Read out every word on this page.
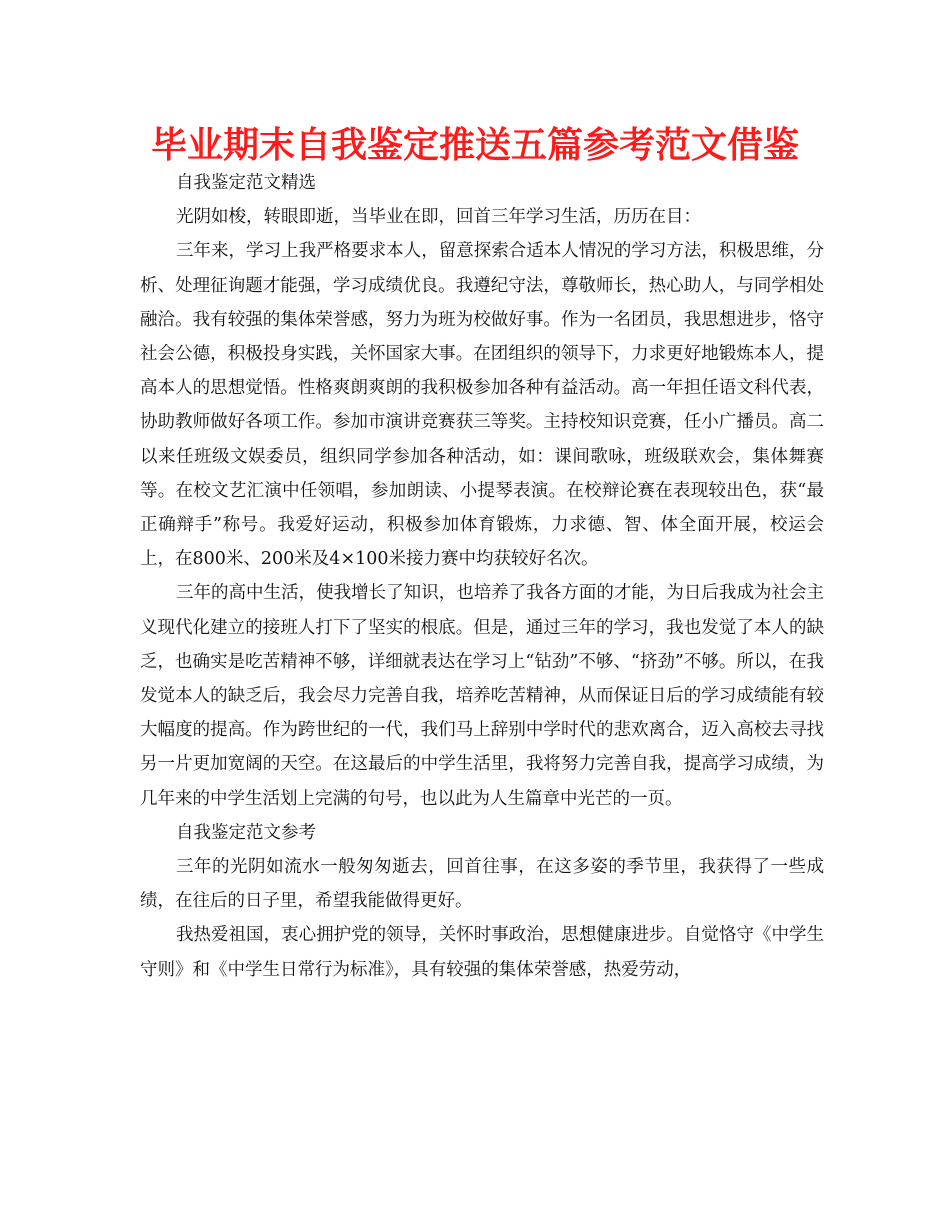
毕业期末自我鉴定推送五篇参考范文借鉴

自我鉴定范文精选

光阴如梭，转眼即逝，当毕业在即，回首三年学习生活，历历在目：

三年来，学习上我严格要求本人，留意探索合适本人情况的学习方法，积极思维，分析、处理征询题才能强，学习成绩优良。我遵纪守法，尊敬师长，热心助人，与同学相处融洽。我有较强的集体荣誉感，努力为班为校做好事。作为一名团员，我思想进步，恪守社会公德，积极投身实践，关怀国家大事。在团组织的领导下，力求更好地锻炼本人，提高本人的思想觉悟。性格爽朗爽朗的我积极参加各种有益活动。高一年担任语文科代表，协助教师做好各项工作。参加市演讲竞赛获三等奖。主持校知识竞赛，任小广播员。高二以来任班级文娱委员，组织同学参加各种活动，如：课间歌咏，班级联欢会，集体舞赛等。在校文艺汇演中任领唱，参加朗读、小提琴表演。在校辩论赛在表现较出色，获“最正确辩手”称号。我爱好运动，积极参加体育锻炼，力求德、智、体全面开展，校运会上，在800米、200米及4×100米接力赛中均获较好名次。

三年的高中生活，使我增长了知识，也培养了我各方面的才能，为日后我成为社会主义现代化建立的接班人打下了坚实的根底。但是，通过三年的学习，我也发觉了本人的缺乏，也确实是吃苦精神不够，详细就表达在学习上“钻劲”不够、“挤劲”不够。所以，在我发觉本人的缺乏后，我会尽力完善自我，培养吃苦精神，从而保证日后的学习成绩能有较大幅度的提高。作为跨世纪的一代，我们马上辞别中学时代的悲欢离合，迈入高校去寻找另一片更加宽阔的天空。在这最后的中学生活里，我将努力完善自我，提高学习成绩，为几年来的中学生活划上完满的句号，也以此为人生篇章中光芒的一页。

自我鉴定范文参考

三年的光阴如流水一般匆匆逝去，回首往事，在这多姿的季节里，我获得了一些成绩，在往后的日子里，希望我能做得更好。

我热爱祖国，衷心拥护党的领导，关怀时事政治，思想健康进步。自觉恪守《中学生守则》和《中学生日常行为标准》，具有较强的集体荣誉感，热爱劳动，
